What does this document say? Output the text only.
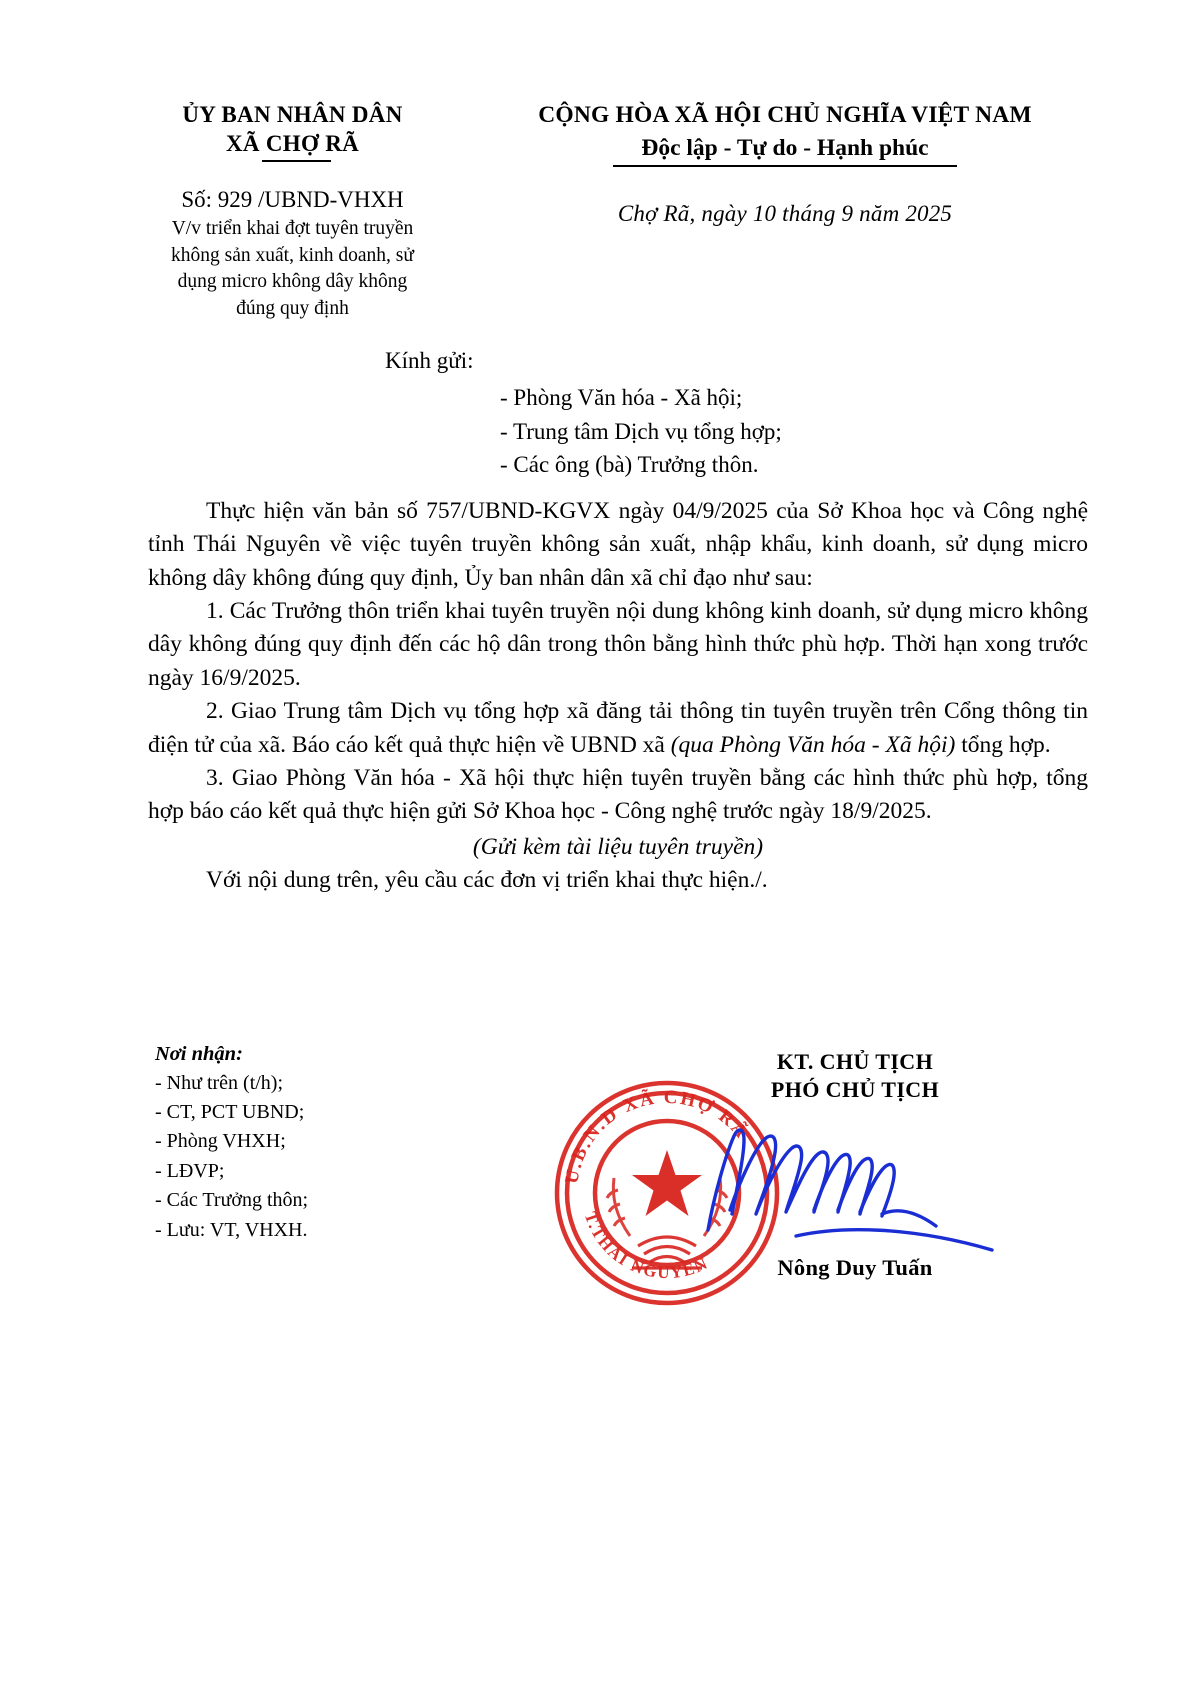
ỦY BAN NHÂN DÂN
XÃ CHỢ RÃ
Số: 929 /UBND-VHXH
V/v triển khai đợt tuyên truyền
không sản xuất, kinh doanh, sử
dụng micro không dây không
đúng quy định
CỘNG HÒA XÃ HỘI CHỦ NGHĨA VIỆT NAM
Độc lập - Tự do - Hạnh phúc
Chợ Rã, ngày 10 tháng 9 năm 2025
Kính gửi:
- Phòng Văn hóa - Xã hội;
- Trung tâm Dịch vụ tổng hợp;
- Các ông (bà) Trưởng thôn.

Thực hiện văn bản số 757/UBND-KGVX ngày 04/9/2025 của Sở Khoa học và Công nghệ tỉnh Thái Nguyên về việc tuyên truyền không sản xuất, nhập khẩu, kinh doanh, sử dụng micro không dây không đúng quy định, Ủy ban nhân dân xã chỉ đạo như sau:

1. Các Trưởng thôn triển khai tuyên truyền nội dung không kinh doanh, sử dụng micro không dây không đúng quy định đến các hộ dân trong thôn bằng hình thức phù hợp. Thời hạn xong trước ngày 16/9/2025.

2. Giao Trung tâm Dịch vụ tổng hợp xã đăng tải thông tin tuyên truyền trên Cổng thông tin điện tử của xã. Báo cáo kết quả thực hiện về UBND xã (qua Phòng Văn hóa - Xã hội) tổng hợp.

3. Giao Phòng Văn hóa - Xã hội thực hiện tuyên truyền bằng các hình thức phù hợp, tổng hợp báo cáo kết quả thực hiện gửi Sở Khoa học - Công nghệ trước ngày 18/9/2025.

(Gửi kèm tài liệu tuyên truyền)

Với nội dung trên, yêu cầu các đơn vị triển khai thực hiện./.

Nơi nhận:
- Như trên (t/h);
- CT, PCT UBND;
- Phòng VHXH;
- LĐVP;
- Các Trưởng thôn;
- Lưu: VT, VHXH.
KT. CHỦ TỊCH
PHÓ CHỦ TỊCH
Nông Duy Tuấn
U.B.N.D XÃ CHỢ RÃ
T.THÁI NGUYÊN
